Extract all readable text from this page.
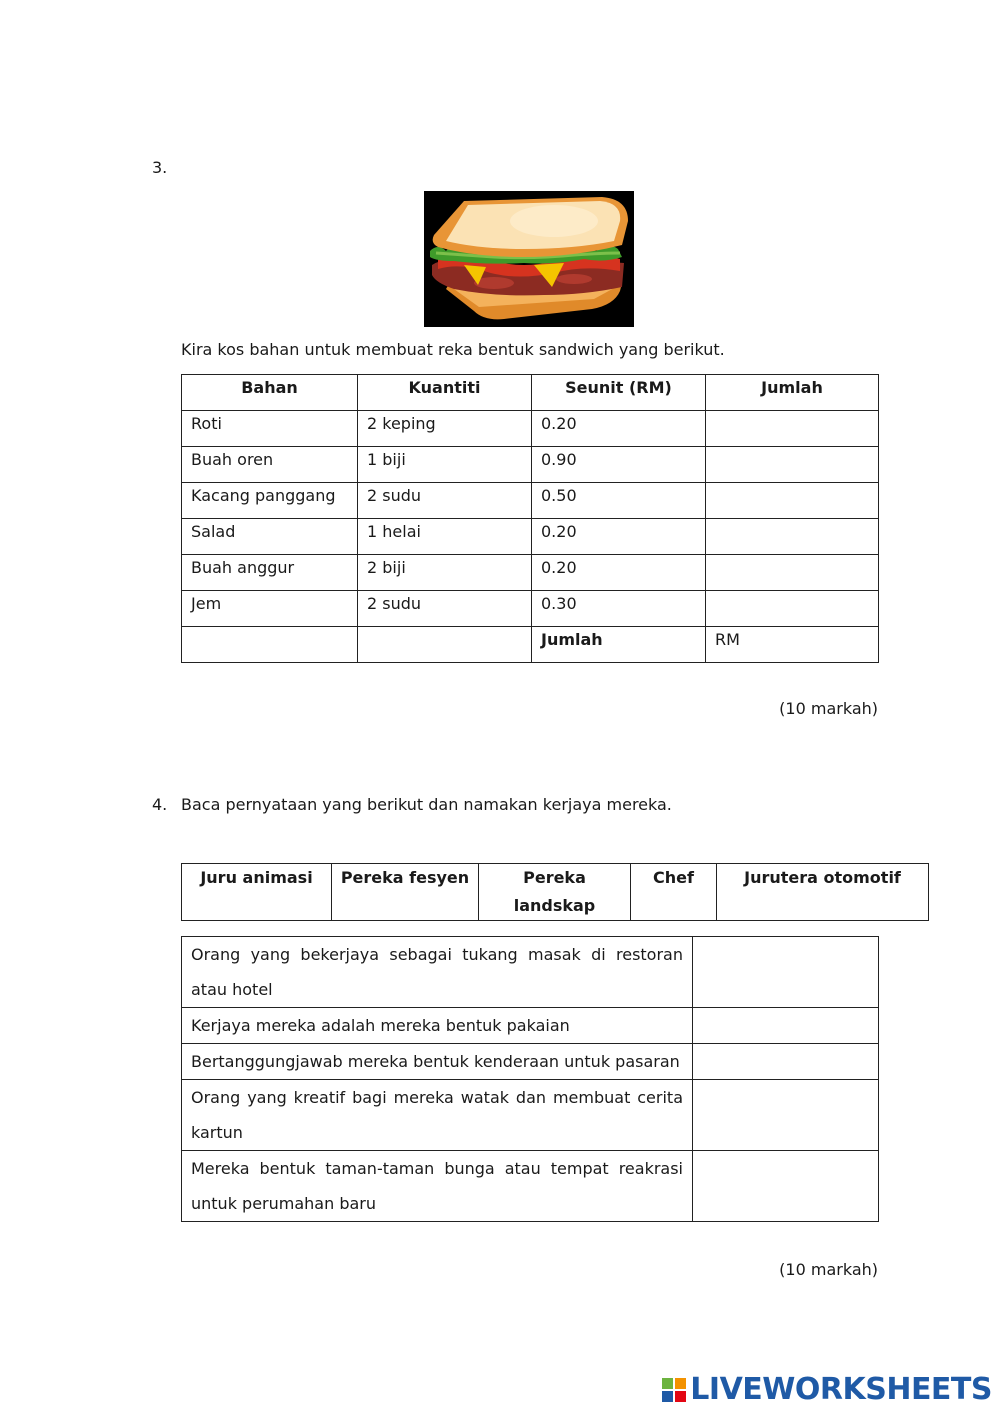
3.
Kira kos bahan untuk membuat reka bentuk sandwich yang berikut.
Bahan	Kuantiti	Seunit (RM)	Jumlah
Roti	2 keping	0.20	
Buah oren	1 biji	0.90	
Kacang panggang	2 sudu	0.50	
Salad	1 helai	0.20	
Buah anggur	2 biji	0.20	
Jem	2 sudu	0.30	
		Jumlah	RM
(10 markah)
4. Baca pernyataan yang berikut dan namakan kerjaya mereka.
Juru animasi	Pereka fesyen	Pereka landskap	Chef	Jurutera otomotif
Orang yang bekerjaya sebagai tukang masak di restoran atau hotel	
Kerjaya mereka adalah mereka bentuk pakaian	
Bertanggungjawab mereka bentuk kenderaan untuk pasaran	
Orang yang kreatif bagi mereka watak dan membuat cerita kartun	
Mereka bentuk taman-taman bunga atau tempat reakrasi untuk perumahan baru	
(10 markah)
LIVEWORKSHEETS
